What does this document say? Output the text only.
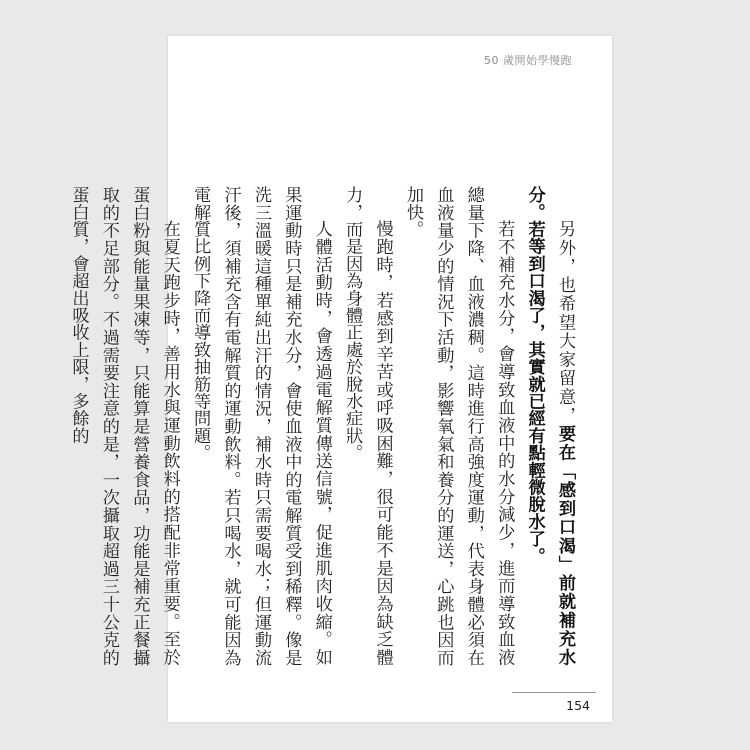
50 歲開始學慢跑

另外，也希望大家留意，要在「感到口渴」前就補充水分。若等到口渴了，其實就已經有點輕微脫水了。

若不補充水分，會導致血液中的水分減少，進而導致血液總量下降、血液濃稠。這時進行高強度運動，代表身體必須在血液量少的情況下活動，影響氧氣和養分的運送，心跳也因而加快。

慢跑時，若感到辛苦或呼吸困難，很可能不是因為缺乏體力，而是因為身體正處於脫水症狀。

人體活動時，會透過電解質傳送信號，促進肌肉收縮。如果運動時只是補充水分，會使血液中的電解質受到稀釋。像是洗三溫暖這種單純出汗的情況，補水時只需要喝水；但運動流汗後，須補充含有電解質的運動飲料。若只喝水，就可能因為電解質比例下降而導致抽筋等問題。

在夏天跑步時，善用水與運動飲料的搭配非常重要。至於蛋白粉與能量果凍等，只能算是營養食品，功能是補充正餐攝取的不足部分。不過需要注意的是，一次攝取超過三十公克的蛋白質，會超出吸收上限，多餘的

154
